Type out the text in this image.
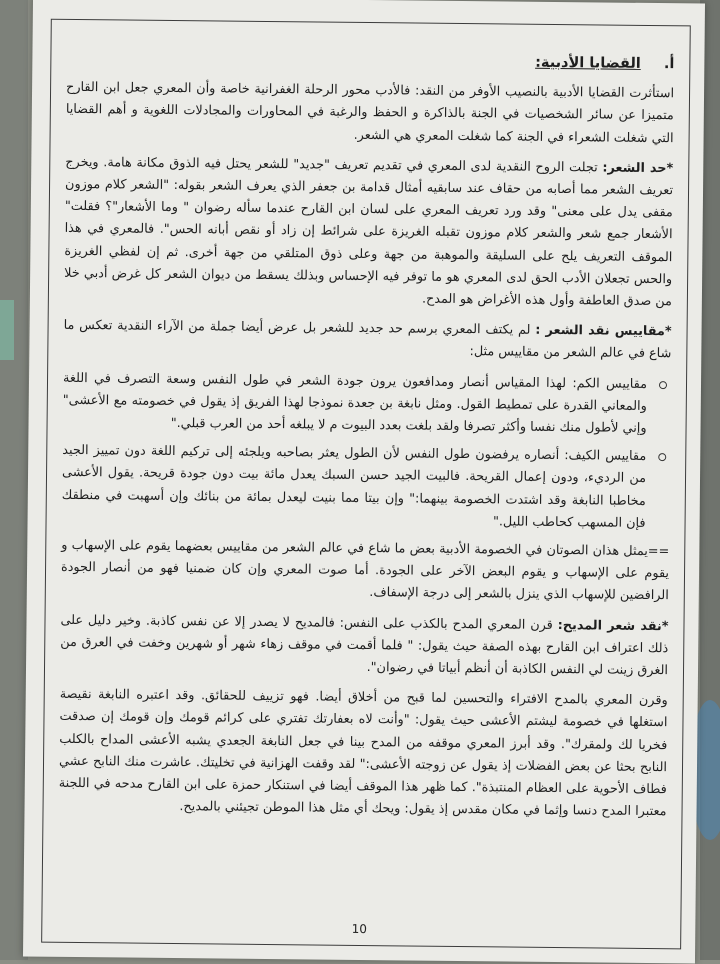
أ. القضايا الأدبية:

استأثرت القضايا الأدبية بالنصيب الأوفر من النقد: فالأدب محور الرحلة الغفرانية خاصة وأن المعري جعل ابن القارح متميزا عن سائر الشخصيات في الجنة بالذاكرة و الحفظ والرغبة في المحاورات والمجادلات اللغوية و أهم القضايا التي شغلت الشعراء في الجنة كما شغلت المعري هي الشعر.

*حد الشعر: تجلت الروح النقدية لدى المعري في تقديم تعريف "جديد" للشعر يحتل فيه الذوق مكانة هامة. ويخرج تعريف الشعر مما أصابه من حقاف عند سابقيه أمثال قدامة بن جعفر الذي يعرف الشعر بقوله: "الشعر كلام موزون مقفى يدل على معنى" وقد ورد تعريف المعري على لسان ابن القارح عندما سأله رضوان " وما الأشعار"؟ فقلت" الأشعار جمع شعر والشعر كلام موزون تقبله الغريزة على شرائط إن زاد أو نقص أبانه الحس". فالمعري في هذا الموقف التعريف يلح على السليقة والموهبة من جهة وعلى ذوق المتلقي من جهة أخرى. ثم إن لفظي الغريزة والحس تجعلان الأدب الحق لدى المعري هو ما توفر فيه الإحساس وبذلك يسقط من ديوان الشعر كل غرض أدبي خلا من صدق العاطفة وأول هذه الأغراض هو المدح.

*مقاييس نقد الشعر : لم يكتف المعري برسم حد جديد للشعر بل عرض أيضا جملة من الآراء النقدية تعكس ما شاع في عالم الشعر من مقاييس مثل:

مقاييس الكم: لهذا المقياس أنصار ومدافعون يرون جودة الشعر في طول النفس وسعة التصرف في اللغة والمعاني القدرة على تمطيط القول. ومثل نابغة بن جعدة نموذجا لهذا الفريق إذ يقول في خصومته مع الأعشى" وإني لأطول منك نفسا وأكثر تصرفا ولقد بلغت بعدد البيوت م لا يبلغه أحد من العرب قبلي."
مقاييس الكيف: أنصاره يرفضون طول النفس لأن الطول يعثر بصاحبه ويلجئه إلى تركيم اللغة دون تمييز الجيد من الرديء، ودون إعمال القريحة. فالبيت الجيد حسن السبك يعدل مائة بيت دون جودة قريحة. يقول الأعشى مخاطبا النابغة وقد اشتدت الخصومة بينهما:" وإن بيتا مما بنيت ليعدل بمائة من بنائك وإن أسهبت في منطقك فإن المسهب كحاطب الليل."

==يمثل هذان الصوتان في الخصومة الأدبية بعض ما شاع في عالم الشعر من مقاييس بعضهما يقوم على الإسهاب و يقوم على الإسهاب و يقوم البعض الآخر على الجودة. أما صوت المعري وإن كان ضمنيا فهو من أنصار الجودة الرافضين للإسهاب الذي ينزل بالشعر إلى درجة الإسفاف.

*نقد شعر المديح: قرن المعري المدح بالكذب على النفس: فالمديح لا يصدر إلا عن نفس كاذبة. وخير دليل على ذلك اعتراف ابن القارح بهذه الصفة حيث يقول: " فلما أقمت في موقف زهاء شهر أو شهرين وخفت في العرق من الغرق زينت لي النفس الكاذبة أن أنظم أبياتا في رضوان".

وقرن المعري بالمدح الافتراء والتحسين لما قبح من أخلاق أيضا. فهو تزييف للحقائق. وقد اعتبره النابغة نقيصة استغلها في خصومة ليشتم الأعشى حيث يقول: "وأنت لاه بعفارتك تفتري على كرائم قومك وإن قومك إن صدقت فخريا لك ولمقرك". وقد أبرز المعري موقفه من المدح بينا في جعل النابغة الجعدي يشبه الأعشى المداح بالكلب النابح بحثا عن بعض الفضلات إذ يقول عن زوجته الأعشى:" لقد وقفت الهزانية في تخليتك. عاشرت منك النابح عشي فطاف الأحوية على العظام المنتبذة". كما ظهر هذا الموقف أيضا في استنكار حمزة على ابن القارح مدحه في اللجنة معتبرا المدح دنسا وإثما في مكان مقدس إذ يقول: ويحك أي مثل هذا الموطن تجيئني بالمديح.

10
